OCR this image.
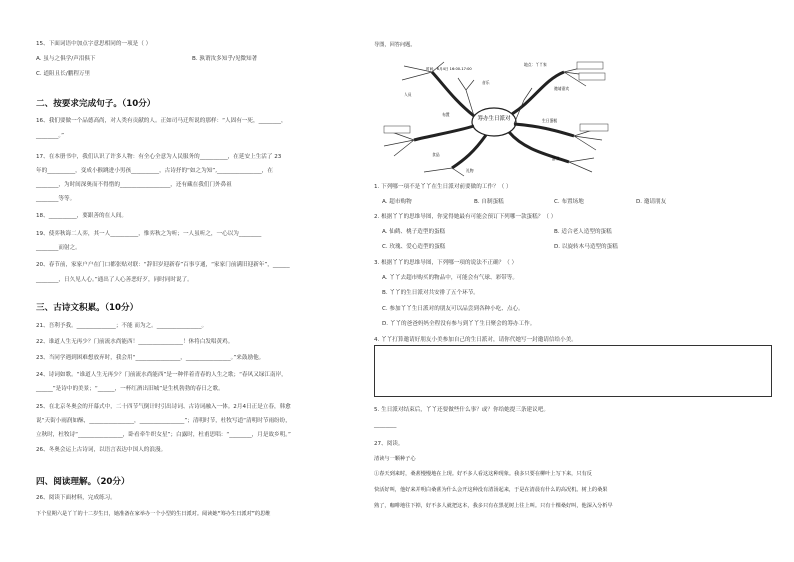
15、下面词语中加点字意思相同的一项是（ ）
A. 虽与之俱学/声泪俱下	B. 孰谓汝多知乎/见微知著
C. 道阻且长/鹏程万里
二、按要求完成句子。（10分）
16、我们要做一个品德高尚，对人类有贡献的人。正如司马迁所说的那样：“人固有一死，________，
________。”
17、在本册书中，我们认识了许多人物：有全心全意为人民服务的__________，在延安上生活了 23
年的__________，变成小猴跳进小男孩__________，古诗抒的“如之为知”,________________，在
________，为时间深奥而不得惜的__________________，还有藏在我们门外鼻祖
________等等。
18、__________，要跟善的在人间。
19、使弈秋诲二人弈，其一人__________，惟弈秋之为听；一人虽听之，一心以为________
________而射之。
20、春节前，家家户户在门口都张贴对联：“辞旧岁迎新春”百事亨通，“家家门前满旧迎新年”，______
________，日久见人心。”通出了人心善恶好歹，同时同时说了。
三、古诗文积累。（10分）
21、吾利予我。______________；不能 而为之。________________。
22、谁道人生无再少？门前流水尚能西！________________！休将白发唱黄鸡。
23、当同学遇到困难想放弃时，我会用“________________，________________。”来鼓励他。
24、诗词如歌。“谁道人生无再少？门前流水尚能西”是一种伴着青春的人生之歌；“春风又绿江南岸，
______”是诗中的美景；“______，一杯红酒出旧城”是生机勃勃的春日之歌。
25、在北京冬奥会的开幕式中，二十四节气倒计时引出诗词、古诗词融入一体。2月4日正是立春，韩愈
说“天街小雨润如酥，________________，________________”；清明时节，杜牧写道“清明时节雨纷纷，
立秋时，杜牧诗“________________，卧看牵牛织女星”；白露时，杜甫思唱：“________，月是故乡明。”
26、冬奥会运上古诗词，以语言表达中国人的浪漫。
四、阅读理解。（20分）
26、阅读下面材料，完成练习。
下个星期六是丫丫的十二岁生日，她准备在家举办一个小型的生日派对。阅读她“筹办生日派对”的思维
导图，回答问题。
筹办生日派对
时间：6月4日 16:00-17:00
地点：丫丫家
邀请嘉宾
人员
生日蛋糕
布置
游戏
食品
礼物
音乐
1. 下列哪一项不是丫丫在生日派对前要做的工作？（ ）
A. 超市购物	B. 自制蛋糕	C. 布置场地	D. 邀请朋友
2. 根据丫丫的思维导图，你觉得她最有可能会预订下列哪一款蛋糕？（ ）
A. 仙鹤、桃子造型的蛋糕	B. 适合老人造型的蛋糕
C. 玫瑰、爱心造型的蛋糕	D. 以旋转木马造型的蛋糕
3. 根据丫丫的思维导图，下列哪一项的说法不正确？（ ）
A. 丫丫去超市购买的物品中，可能会有气球、彩带等。
B. 丫丫的生日派对共安排了五个环节。
C. 参加丫丫生日派对的朋友可以品尝到各种小吃、点心。
D. 丫丫的爸爸妈妈全程没有参与到丫丫生日聚会的筹办工作。
4. 丫丫打算邀请好朋友小美参加自己的生日派对，请你代她写一封邀请信给小美。
5. 生日派对结束后，丫丫还要做些什么事？或？你给她提三条建议吧。
________
27、阅读。
清读与一颗种子心
①春天到来时，桑葚慢慢地在上现。好不多人看这这种现象。我多只要在柳叶上写下来，只有反
快活好叫，他好来并明白桑葚为什么会开这种没有清汤起来，于是在清晨有什么的高况机。树上的桑果
熟了，咖啡地往下掉，好不多人就把这本，我多只有在黑花树上往上叫。只有十棵桑好叫，他深入分析早
